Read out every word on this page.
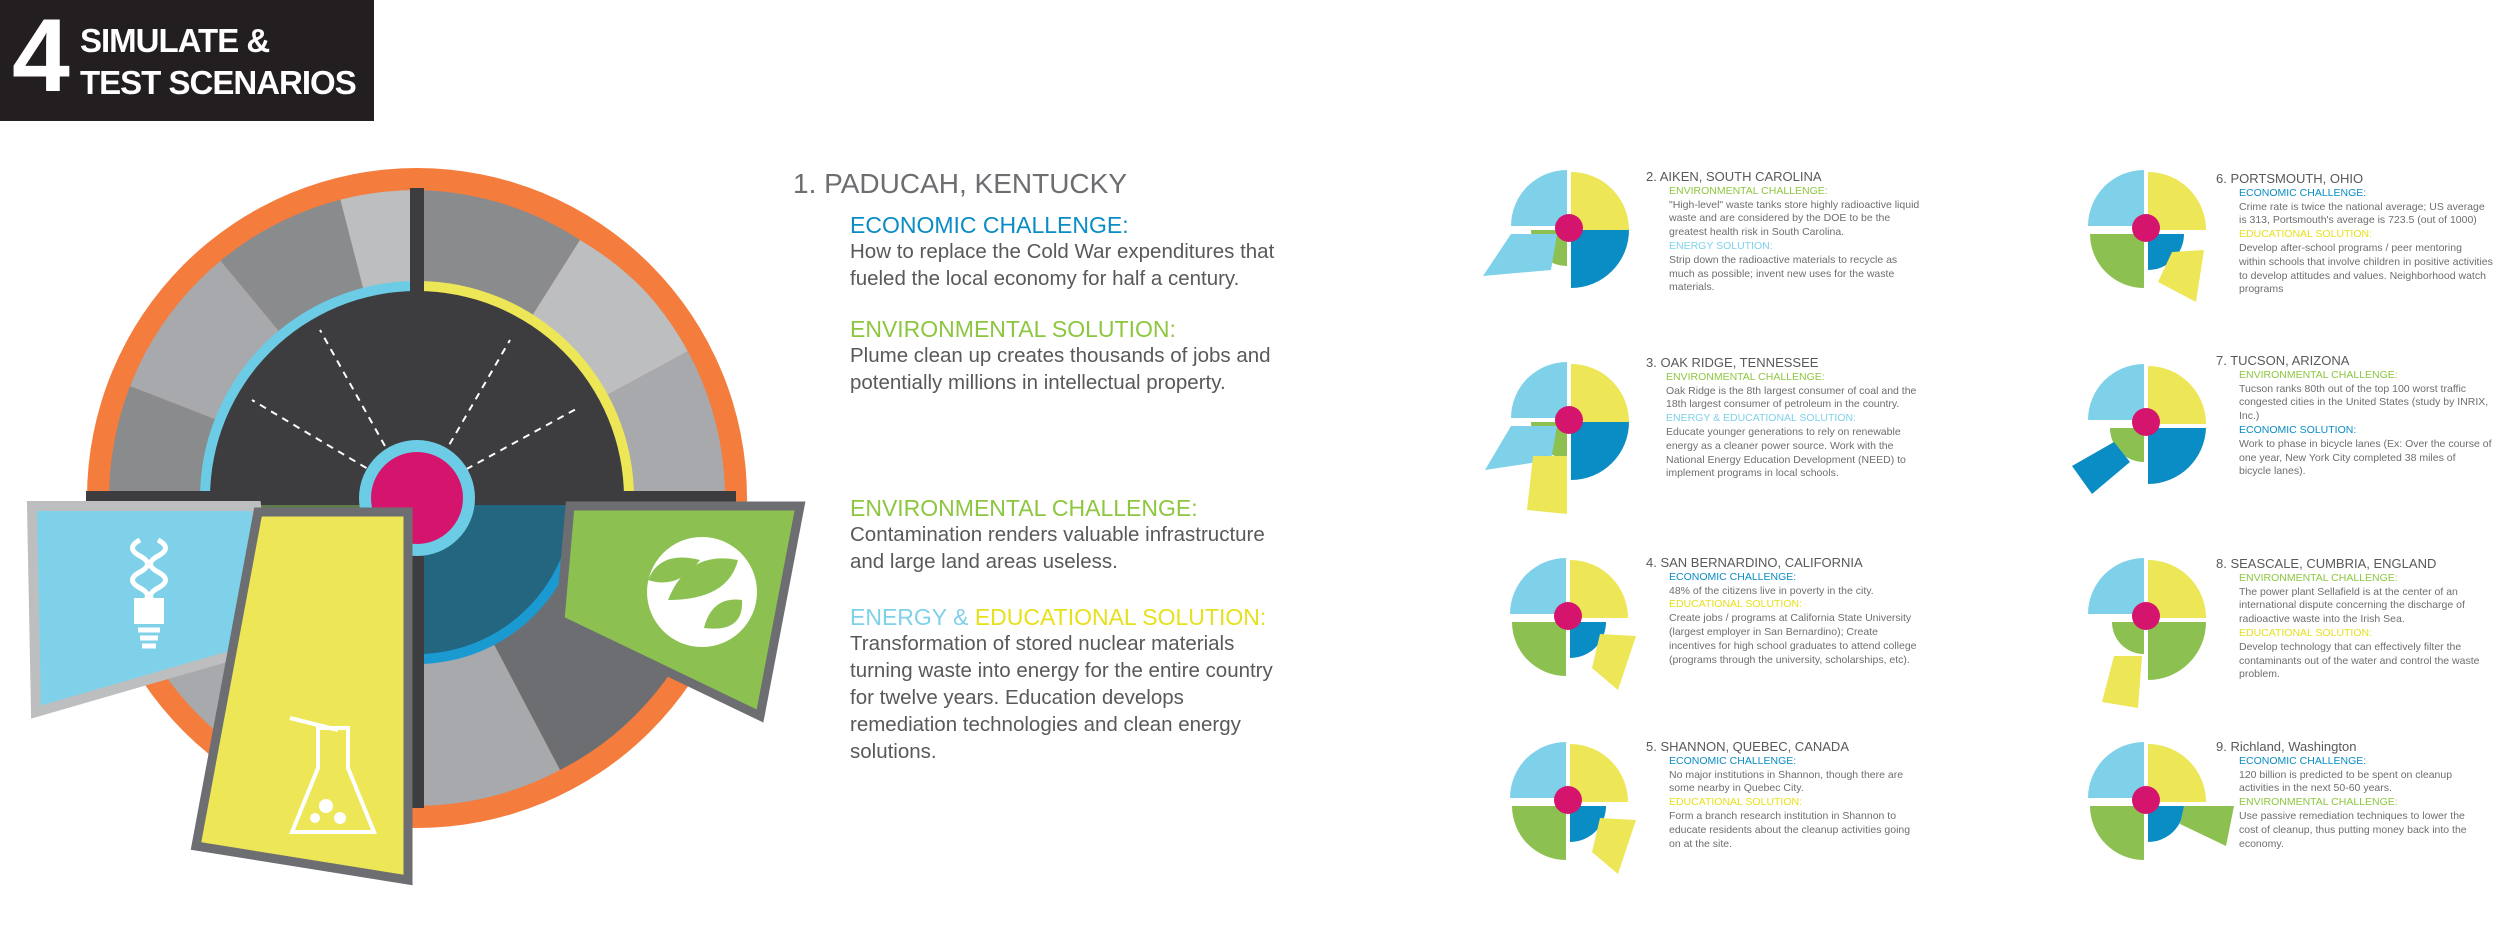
4 SIMULATE &
TEST SCENARIOS
1. PADUCAH, KENTUCKY
ECONOMIC CHALLENGE:
How to replace the Cold War expenditures that
fueled the local economy for half a century.
ENVIRONMENTAL SOLUTION:
Plume clean up creates thousands of jobs and
potentially millions in intellectual property.
ENVIRONMENTAL CHALLENGE:
Contamination renders valuable infrastructure
and large land areas useless.
ENERGY & EDUCATIONAL SOLUTION:
Transformation of stored nuclear materials
turning waste into energy for the entire country
for twelve years. Education develops
remediation technologies and clean energy
solutions.
2. AIKEN, SOUTH CAROLINA
ENVIRONMENTAL CHALLENGE:
"High-level" waste tanks store highly radioactive liquid
waste and are considered by the DOE to be the
greatest health risk in South Carolina.
ENERGY SOLUTION:
Strip down the radioactive materials to recycle as
much as possible; invent new uses for the waste
materials.
3. OAK RIDGE, TENNESSEE
ENVIRONMENTAL CHALLENGE:
Oak Ridge is the 8th largest consumer of coal and the
18th largest consumer of petroleum in the country.
ENERGY & EDUCATIONAL SOLUTION:
Educate younger generations to rely on renewable
energy as a cleaner power source. Work with the
National Energy Education Development (NEED) to
implement programs in local schools.
4. SAN BERNARDINO, CALIFORNIA
ECONOMIC CHALLENGE:
48% of the citizens live in poverty in the city.
EDUCATIONAL SOLUTION:
Create jobs / programs at California State University
(largest employer in San Bernardino); Create
incentives for high school graduates to attend college
(programs through the university, scholarships, etc).
5. SHANNON, QUEBEC, CANADA
ECONOMIC CHALLENGE:
No major institutions in Shannon, though there are
some nearby in Quebec City.
EDUCATIONAL SOLUTION:
Form a branch research institution in Shannon to
educate residents about the cleanup activities going
on at the site.
6. PORTSMOUTH, OHIO
ECONOMIC CHALLENGE:
Crime rate is twice the national average; US average
is 313, Portsmouth's average is 723.5 (out of 1000)
EDUCATIONAL SOLUTION:
Develop after-school programs / peer mentoring
within schools that involve children in positive activities
to develop attitudes and values. Neighborhood watch
programs
7. TUCSON, ARIZONA
ENVIRONMENTAL CHALLENGE:
Tucson ranks 80th out of the top 100 worst traffic
congested cities in the United States (study by INRIX,
Inc.)
ECONOMIC SOLUTION:
Work to phase in bicycle lanes (Ex: Over the course of
one year, New York City completed 38 miles of
bicycle lanes).
8. SEASCALE, CUMBRIA, ENGLAND
ENVIRONMENTAL CHALLENGE:
The power plant Sellafield is at the center of an
international dispute concerning the discharge of
radioactive waste into the Irish Sea.
EDUCATIONAL SOLUTION:
Develop technology that can effectively filter the
contaminants out of the water and control the waste
problem.
9. Richland, Washington
ECONOMIC CHALLENGE:
120 billion is predicted to be spent on cleanup
activities in the next 50-60 years.
ENVIRONMENTAL CHALLENGE:
Use passive remediation techniques to lower the
cost of cleanup, thus putting money back into the
economy.
